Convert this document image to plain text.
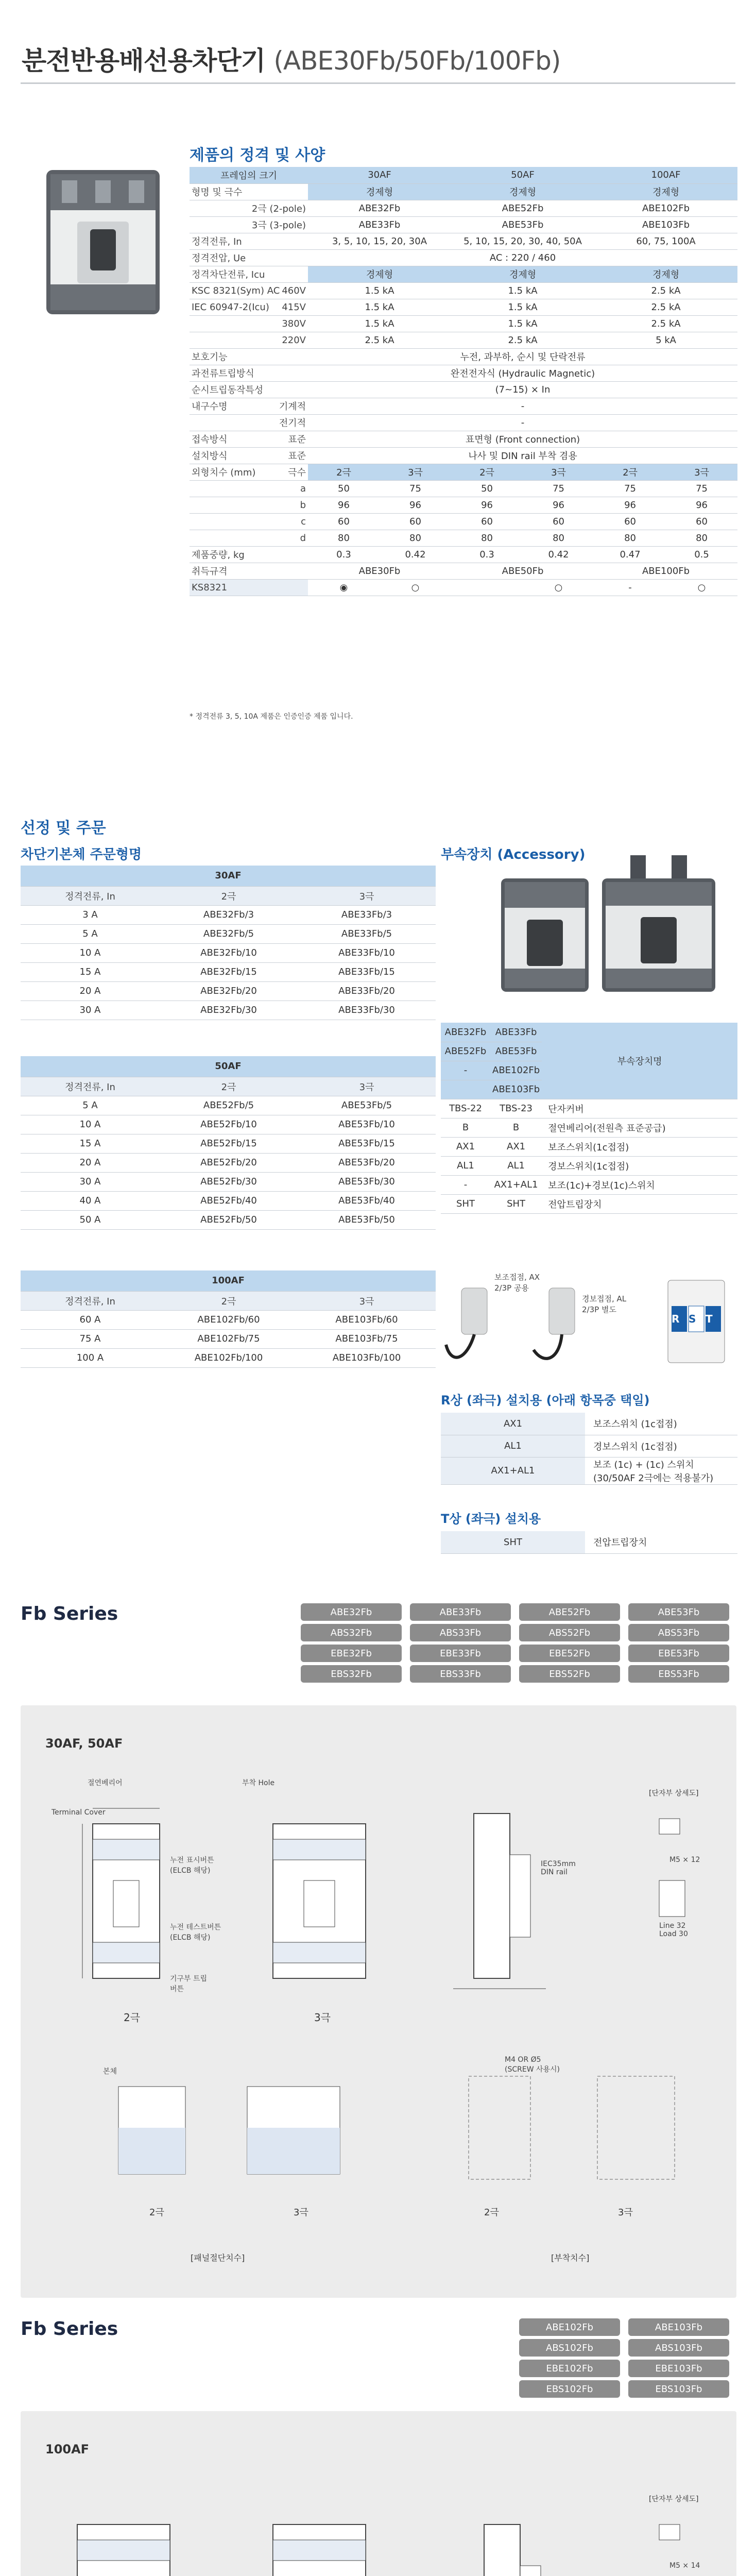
분전반용배선용차단기 (ABE30Fb/50Fb/100Fb)
제품의 정격 및 사양
프레임의 크기		30AF		50AF		100AF	
형명 및 극수		경제형		경제형		경제형	
	2극 (2-pole)	ABE32Fb		ABE52Fb		ABE102Fb	
	3극 (3-pole)	ABE33Fb		ABE53Fb		ABE103Fb	
정격전류, In		3, 5, 10, 15, 20, 30A		5, 10, 15, 20, 30, 40, 50A		60, 75, 100A	
정격전압, Ue		AC : 220 / 460					
정격차단전류, Icu		경제형		경제형		경제형	
KSC 8321(Sym) AC	460V	1.5 kA		1.5 kA		2.5 kA	
IEC 60947-2(Icu)	415V	1.5 kA		1.5 kA		2.5 kA	
	380V	1.5 kA		1.5 kA		2.5 kA	
	220V	2.5 kA		2.5 kA		5 kA	
보호기능		누전, 과부하, 순시 및 단락전류					
과전류트립방식		완전전자식 (Hydraulic Magnetic)					
순시트립동작특성		(7~15) × In					
내구수명	기계적	-					
	전기적	-					
접속방식	표준	표면형 (Front connection)					
설치방식	표준	나사 및 DIN rail 부착 겸용					
외형치수 (mm)	극수	2극	3극	2극	3극	2극	3극
	a	50	75	50	75	75	75
	b	96	96	96	96	96	96
	c	60	60	60	60	60	60
	d	80	80	80	80	80	80
제품중량, kg		0.3	0.42	0.3	0.42	0.47	0.5
취득규격		ABE30Fb		ABE50Fb		ABE100Fb	
KS8321		◉	○		○	-	○
* 정격전류 3, 5, 10A 제품은 인증인증 제품 입니다.
선정 및 주문
차단기본체 주문형명
30AF		
정격전류, In	2극	3극
3 A	ABE32Fb/3	ABE33Fb/3
5 A	ABE32Fb/5	ABE33Fb/5
10 A	ABE32Fb/10	ABE33Fb/10
15 A	ABE32Fb/15	ABE33Fb/15
20 A	ABE32Fb/20	ABE33Fb/20
30 A	ABE32Fb/30	ABE33Fb/30
50AF		
정격전류, In	2극	3극
5 A	ABE52Fb/5	ABE53Fb/5
10 A	ABE52Fb/10	ABE53Fb/10
15 A	ABE52Fb/15	ABE53Fb/15
20 A	ABE52Fb/20	ABE53Fb/20
30 A	ABE52Fb/30	ABE53Fb/30
40 A	ABE52Fb/40	ABE53Fb/40
50 A	ABE52Fb/50	ABE53Fb/50
100AF		
정격전류, In	2극	3극
60 A	ABE102Fb/60	ABE103Fb/60
75 A	ABE102Fb/75	ABE103Fb/75
100 A	ABE102Fb/100	ABE103Fb/100
부속장치 (Accessory)
ABE32Fb	ABE33Fb	부속장치명
ABE52Fb	ABE53Fb	
-	ABE102Fb	
	ABE103Fb	
TBS-22	TBS-23	단자커버
B	B	절연베리어(전원측 표준공급)
AX1	AX1	보조스위치(1c접점)
AL1	AL1	경보스위치(1c접점)
-	AX1+AL1	보조(1c)+경보(1c)스위치
SHT	SHT	전압트립장치
보조접점, AX
2/3P 공용
경보접점, AL
2/3P 별도
R S T
R상 (좌극) 설치용 (아래 항목중 택일)
AX1	보조스위치 (1c접점)
AL1	경보스위치 (1c접점)
AX1+AL1	보조 (1c) + (1c) 스위치
(30/50AF 2극에는 적용불가)
T상 (좌극) 설치용
SHT	전압트립장치
Fb Series	ABE32Fb	ABE33Fb	ABE52Fb	ABE53Fb
ABS32Fb	ABS33Fb	ABS52Fb	ABS53Fb
EBE32Fb	EBE33Fb	EBE52Fb	EBE53Fb
EBS32Fb	EBS33Fb	EBS52Fb	EBS53Fb
30AF, 50AF
2극
Terminal Cover
절연베리어
누전 표시버튼 (ELCB 해당)
누전 테스트버튼 (ELCB 해당)
기구부 트립버튼
3극
부착 Hole
IEC35mm DIN rail
[단자부 상세도]
M5 × 12
Line 32
Load 30
본체
2극	3극
[패널절단치수]
M4 OR Ø5 (SCREW 사용시)
2극	3극
[부착치수]
Fb Series	ABE102Fb	ABE103Fb
ABS102Fb	ABS103Fb
EBE102Fb	EBE103Fb
EBS102Fb	EBS103Fb
100AF
[단자부 상세도]
M5 × 14
